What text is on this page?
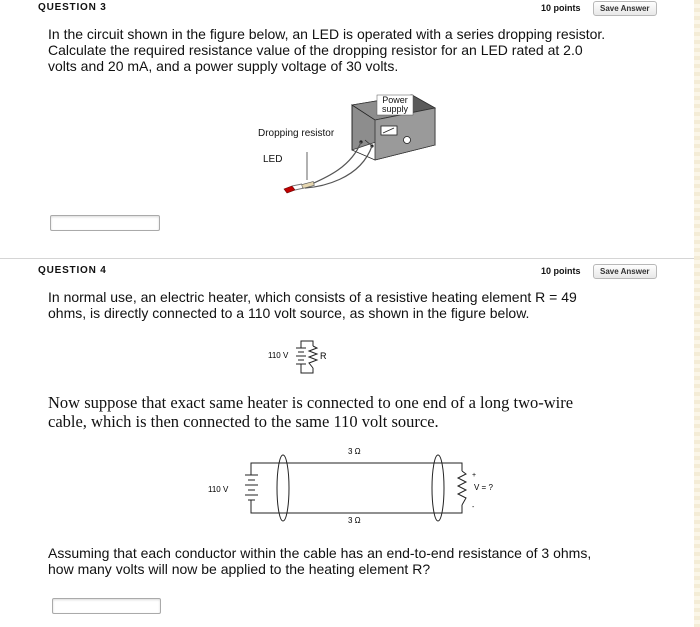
QUESTION 3	10 points	Save Answer
In the circuit shown in the figure below, an LED is operated with a series dropping resistor.
Calculate the required resistance value of the dropping resistor for an LED rated at 2.0
volts and 20 mA, and a power supply voltage of 30 volts.
Power
supply
Dropping resistor
LED
QUESTION 4	10 points	Save Answer
In normal use, an electric heater, which consists of a resistive heating element R = 49
ohms, is directly connected to a 110 volt source, as shown in the figure below.
110 V	R
Now suppose that exact same heater is connected to one end of a long two-wire
cable, which is then connected to the same 110 volt source.
3 Ω
3 Ω
110 V
+
-
V = ?
Assuming that each conductor within the cable has an end-to-end resistance of 3 ohms,
how many volts will now be applied to the heating element R?
